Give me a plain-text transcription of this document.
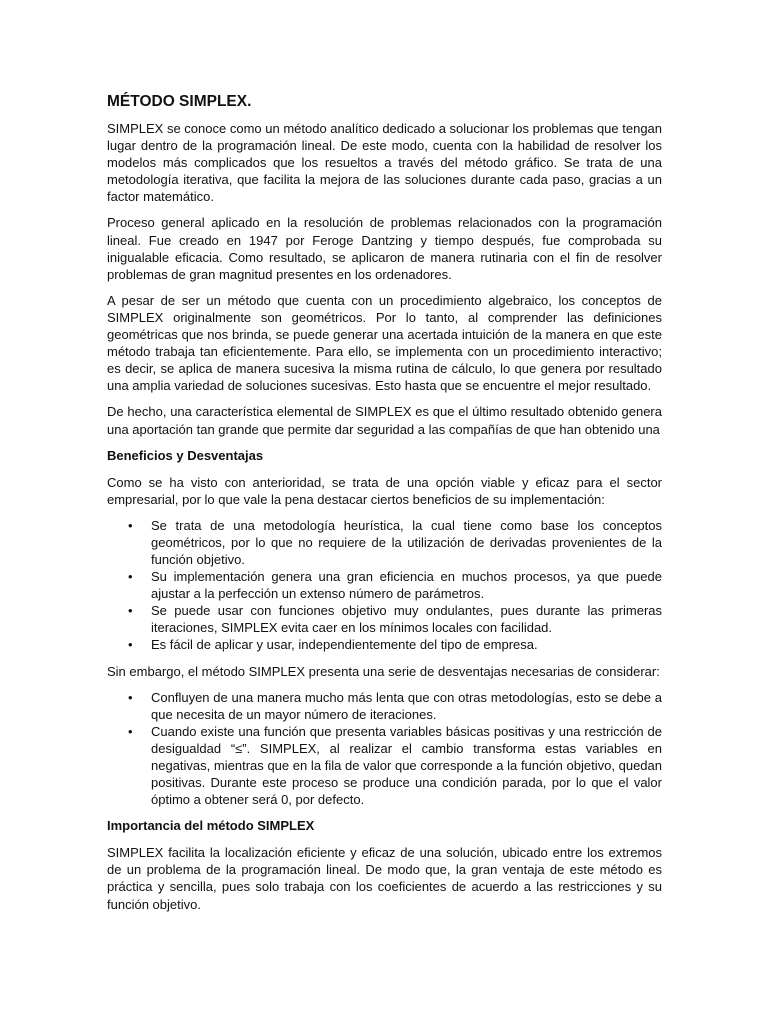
MÉTODO SIMPLEX.

SIMPLEX se conoce como un método analítico dedicado a solucionar los problemas que tengan lugar dentro de la programación lineal. De este modo, cuenta con la habilidad de resolver los modelos más complicados que los resueltos a través del método gráfico. Se trata de una metodología iterativa, que facilita la mejora de las soluciones durante cada paso, gracias a un factor matemático.

Proceso general aplicado en la resolución de problemas relacionados con la programación lineal. Fue creado en 1947 por Feroge Dantzing y tiempo después, fue comprobada su inigualable eficacia. Como resultado, se aplicaron de manera rutinaria con el fin de resolver problemas de gran magnitud presentes en los ordenadores.

A pesar de ser un método que cuenta con un procedimiento algebraico, los conceptos de SIMPLEX originalmente son geométricos. Por lo tanto, al comprender las definiciones geométricas que nos brinda, se puede generar una acertada intuición de la manera en que este método trabaja tan eficientemente. Para ello, se implementa con un procedimiento interactivo; es decir, se aplica de manera sucesiva la misma rutina de cálculo, lo que genera por resultado una amplia variedad de soluciones sucesivas. Esto hasta que se encuentre el mejor resultado.

De hecho, una característica elemental de SIMPLEX es que el último resultado obtenido genera una aportación tan grande que permite dar seguridad a las compañías de que han obtenido una

Beneficios y Desventajas

Como se ha visto con anterioridad, se trata de una opción viable y eficaz para el sector empresarial, por lo que vale la pena destacar ciertos beneficios de su implementación:

• Se trata de una metodología heurística, la cual tiene como base los conceptos geométricos, por lo que no requiere de la utilización de derivadas provenientes de la función objetivo.
• Su implementación genera una gran eficiencia en muchos procesos, ya que puede ajustar a la perfección un extenso número de parámetros.
• Se puede usar con funciones objetivo muy ondulantes, pues durante las primeras iteraciones, SIMPLEX evita caer en los mínimos locales con facilidad.
• Es fácil de aplicar y usar, independientemente del tipo de empresa.

Sin embargo, el método SIMPLEX presenta una serie de desventajas necesarias de considerar:

• Confluyen de una manera mucho más lenta que con otras metodologías, esto se debe a que necesita de un mayor número de iteraciones.
• Cuando existe una función que presenta variables básicas positivas y una restricción de desigualdad “≤”. SIMPLEX, al realizar el cambio transforma estas variables en negativas, mientras que en la fila de valor que corresponde a la función objetivo, quedan positivas. Durante este proceso se produce una condición parada, por lo que el valor óptimo a obtener será 0, por defecto.
Importancia del método SIMPLEX

SIMPLEX facilita la localización eficiente y eficaz de una solución, ubicado entre los extremos de un problema de la programación lineal. De modo que, la gran ventaja de este método es práctica y sencilla, pues solo trabaja con los coeficientes de acuerdo a las restricciones y su función objetivo.
